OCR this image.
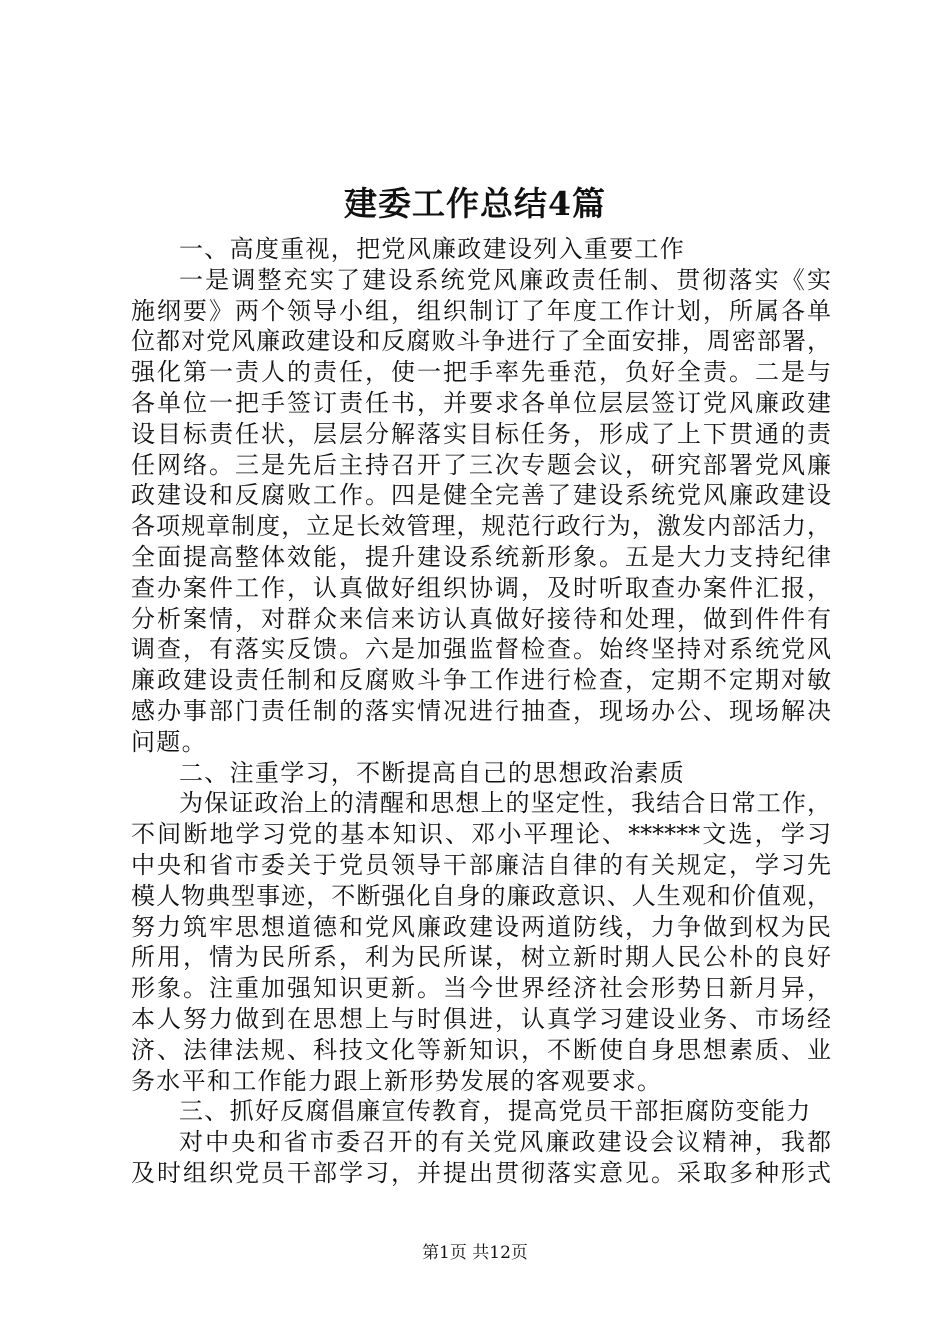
建委工作总结4篇
一、高度重视，把党风廉政建设列入重要工作
一是调整充实了建设系统党风廉政责任制、贯彻落实《实
施纲要》两个领导小组，组织制订了年度工作计划，所属各单
位都对党风廉政建设和反腐败斗争进行了全面安排，周密部署，
强化第一责人的责任，使一把手率先垂范，负好全责。二是与
各单位一把手签订责任书，并要求各单位层层签订党风廉政建
设目标责任状，层层分解落实目标任务，形成了上下贯通的责
任网络。三是先后主持召开了三次专题会议，研究部署党风廉
政建设和反腐败工作。四是健全完善了建设系统党风廉政建设
各项规章制度，立足长效管理，规范行政行为，激发内部活力，
全面提高整体效能，提升建设系统新形象。五是大力支持纪律
查办案件工作，认真做好组织协调，及时听取查办案件汇报，
分析案情，对群众来信来访认真做好接待和处理，做到件件有
调查，有落实反馈。六是加强监督检查。始终坚持对系统党风
廉政建设责任制和反腐败斗争工作进行检查，定期不定期对敏
感办事部门责任制的落实情况进行抽查，现场办公、现场解决
问题。
二、注重学习，不断提高自己的思想政治素质
为保证政治上的清醒和思想上的坚定性，我结合日常工作，
不间断地学习党的基本知识、邓小平理论、******文选，学习
中央和省市委关于党员领导干部廉洁自律的有关规定，学习先
模人物典型事迹，不断强化自身的廉政意识、人生观和价值观，
努力筑牢思想道德和党风廉政建设两道防线，力争做到权为民
所用，情为民所系，利为民所谋，树立新时期人民公朴的良好
形象。注重加强知识更新。当今世界经济社会形势日新月异，
本人努力做到在思想上与时俱进，认真学习建设业务、市场经
济、法律法规、科技文化等新知识，不断使自身思想素质、业
务水平和工作能力跟上新形势发展的客观要求。
三、抓好反腐倡廉宣传教育，提高党员干部拒腐防变能力
对中央和省市委召开的有关党风廉政建设会议精神，我都
及时组织党员干部学习，并提出贯彻落实意见。采取多种形式
第1页 共12页
